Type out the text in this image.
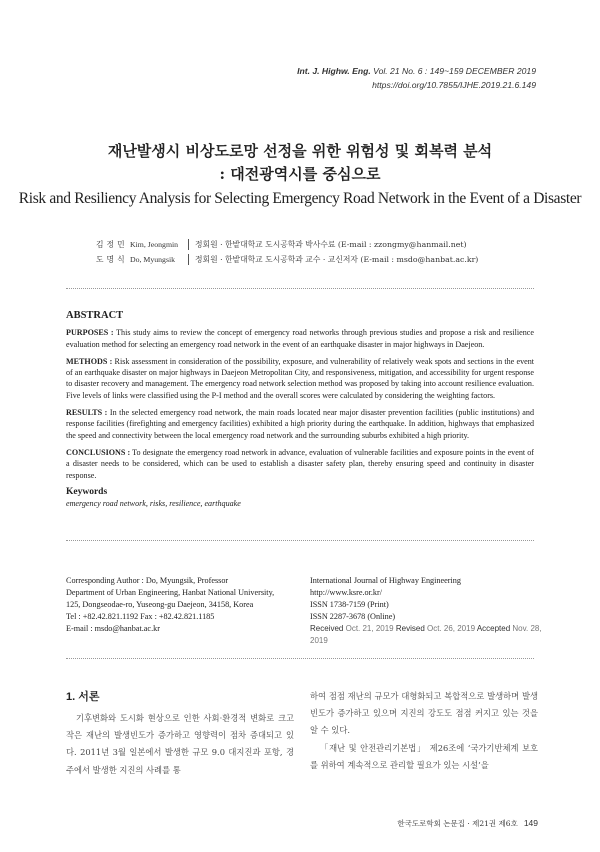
Int. J. Highw. Eng. Vol. 21 No. 6 : 149~159 DECEMBER 2019
https://doi.org/10.7855/IJHE.2019.21.6.149
재난발생시 비상도로망 선정을 위한 위험성 및 회복력 분석
: 대전광역시를 중심으로
Risk and Resiliency Analysis for Selecting Emergency Road Network in the Event of a Disaster
김정민 Kim, Jeongmin	정회원 · 한밭대학교 도시공학과 박사수료 (E-mail : zzongmy@hanmail.net)
도명식 Do, Myungsik	정회원 · 한밭대학교 도시공학과 교수 · 교신저자 (E-mail : msdo@hanbat.ac.kr)
ABSTRACT

PURPOSES : This study aims to review the concept of emergency road networks through previous studies and propose a risk and resilience evaluation method for selecting an emergency road network in the event of an earthquake disaster in major highways in Daejeon.

METHODS : Risk assessment in consideration of the possibility, exposure, and vulnerability of relatively weak spots and sections in the event of an earthquake disaster on major highways in Daejeon Metropolitan City, and responsiveness, mitigation, and accessibility for urgent response to disaster recovery and management. The emergency road network selection method was proposed by taking into account resilience evaluation. Five levels of links were classified using the P-I method and the overall scores were calculated by considering the weighting factors.

RESULTS : In the selected emergency road network, the main roads located near major disaster prevention facilities (public institutions) and response facilities (firefighting and emergency facilities) exhibited a high priority during the earthquake. In addition, highways that emphasized the speed and connectivity between the local emergency road network and the surrounding suburbs exhibited a high priority.

CONCLUSIONS : To designate the emergency road network in advance, evaluation of vulnerable facilities and exposure points in the event of a disaster needs to be considered, which can be used to establish a disaster safety plan, thereby ensuring speed and continuity in disaster response.

Keywords

emergency road network, risks, resilience, earthquake

Corresponding Author : Do, Myungsik, Professor
Department of Urban Engineering, Hanbat National University,
125, Dongseodae-ro, Yuseong-gu Daejeon, 34158, Korea
Tel : +82.42.821.1192 Fax : +82.42.821.1185
E-mail : msdo@hanbat.ac.kr
International Journal of Highway Engineering
http://www.ksre.or.kr/
ISSN 1738-7159 (Print)
ISSN 2287-3678 (Online)
Received Oct. 21, 2019 Revised Oct. 26, 2019 Accepted Nov. 28, 2019
1. 서론

기후변화와 도시화 현상으로 인한 사회·환경적 변화로 크고 작은 재난의 발생빈도가 증가하고 영향력이 점차 증대되고 있다. 2011년 3월 일본에서 발생한 규모 9.0 대지진과 포항, 경주에서 발생한 지진의 사례를 통

하여 점점 재난의 규모가 대형화되고 복합적으로 발생하며 발생빈도가 증가하고 있으며 지진의 강도도 점점 커지고 있는 것을 알 수 있다.

「재난 및 안전관리기본법」 제26조에 ‘국가기반체계 보호를 위하여 계속적으로 관리할 필요가 있는 시설’을

한국도로학회 논문집 · 제21권 제6호 149
